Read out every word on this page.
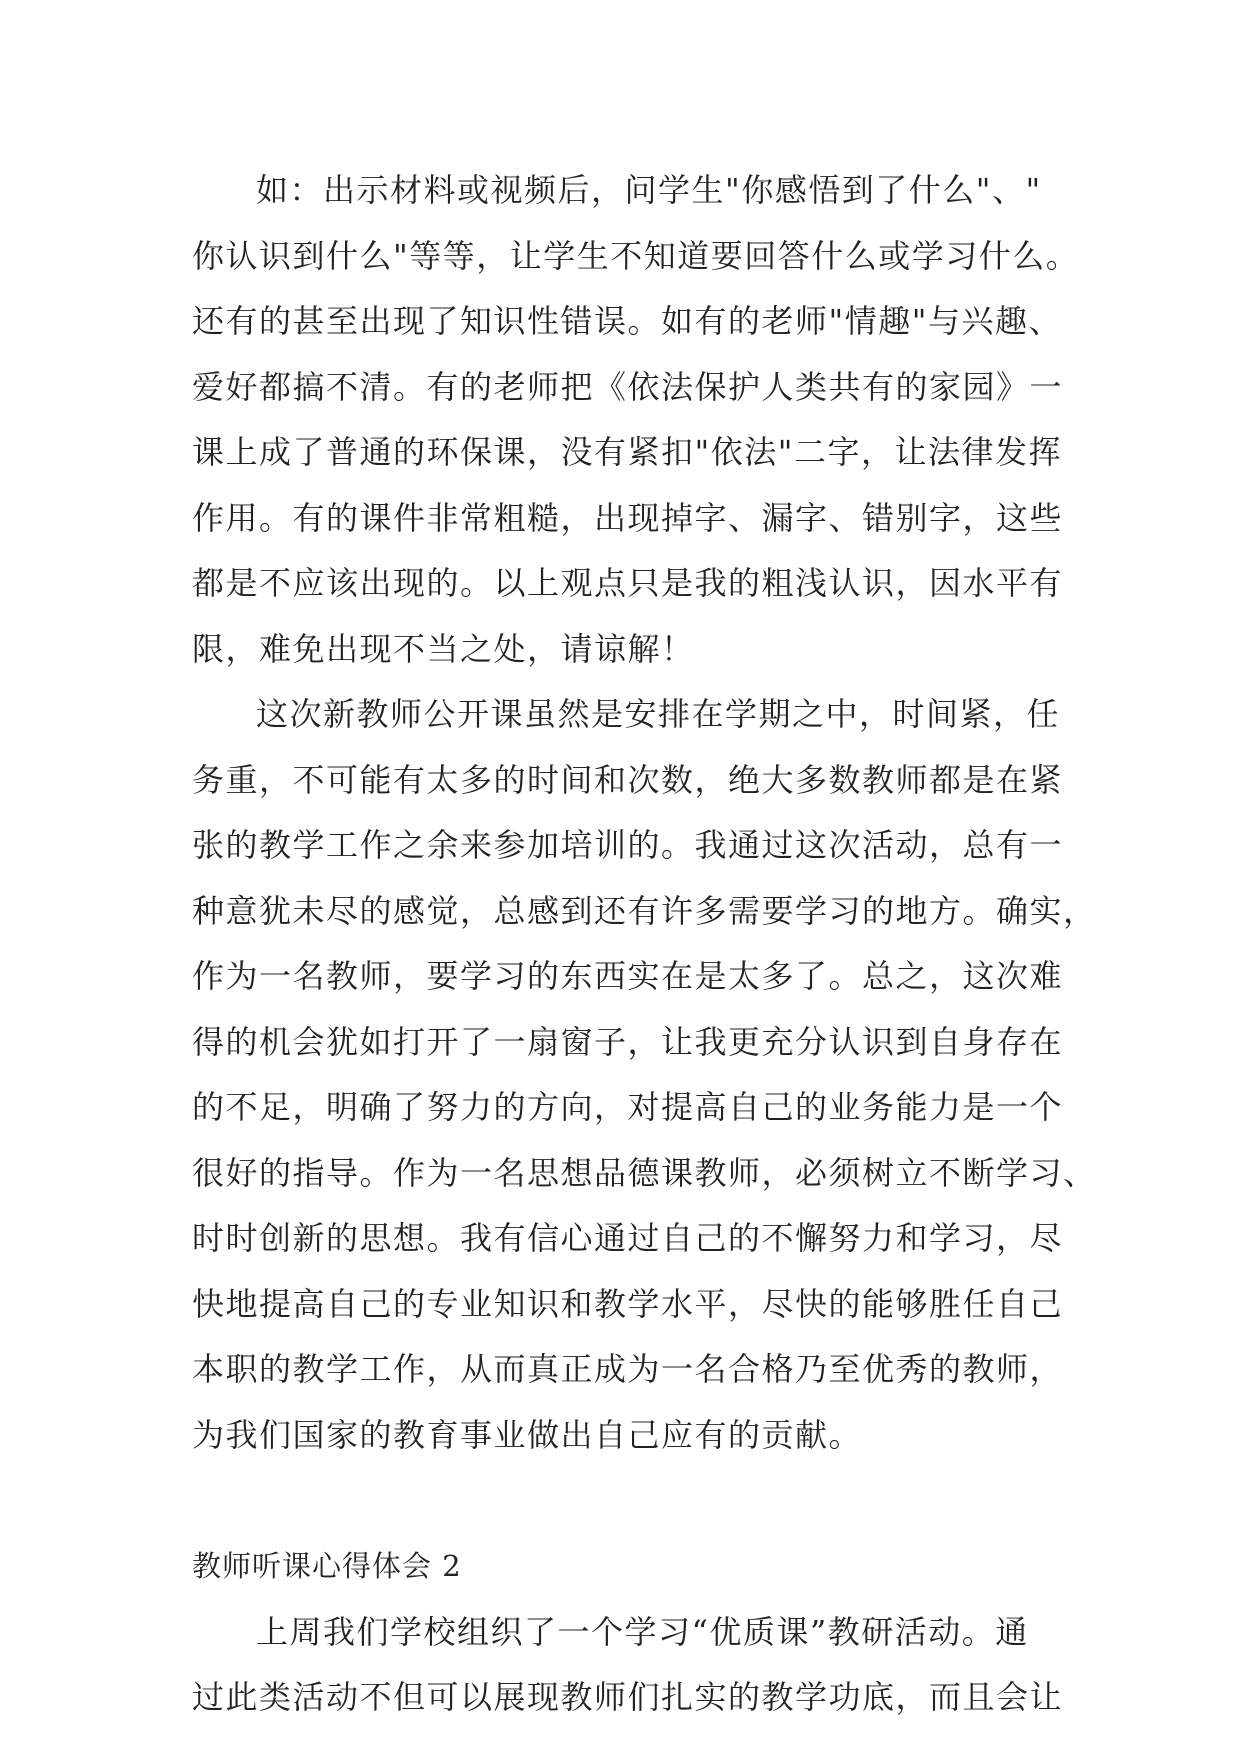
如：出示材料或视频后，问学生"你感悟到了什么"、"
你认识到什么"等等，让学生不知道要回答什么或学习什么。
还有的甚至出现了知识性错误。如有的老师"情趣"与兴趣、
爱好都搞不清。有的老师把《依法保护人类共有的家园》一
课上成了普通的环保课，没有紧扣"依法"二字，让法律发挥
作用。有的课件非常粗糙，出现掉字、漏字、错别字，这些
都是不应该出现的。以上观点只是我的粗浅认识，因水平有
限，难免出现不当之处，请谅解！
这次新教师公开课虽然是安排在学期之中，时间紧，任
务重，不可能有太多的时间和次数，绝大多数教师都是在紧
张的教学工作之余来参加培训的。我通过这次活动，总有一
种意犹未尽的感觉，总感到还有许多需要学习的地方。确实，
作为一名教师，要学习的东西实在是太多了。总之，这次难
得的机会犹如打开了一扇窗子，让我更充分认识到自身存在
的不足，明确了努力的方向，对提高自己的业务能力是一个
很好的指导。作为一名思想品德课教师，必须树立不断学习、
时时创新的思想。我有信心通过自己的不懈努力和学习，尽
快地提高自己的专业知识和教学水平，尽快的能够胜任自己
本职的教学工作，从而真正成为一名合格乃至优秀的教师，
为我们国家的教育事业做出自己应有的贡献。
教师听课心得体会 2
上周我们学校组织了一个学习“优质课”教研活动。通
过此类活动不但可以展现教师们扎实的教学功底，而且会让
